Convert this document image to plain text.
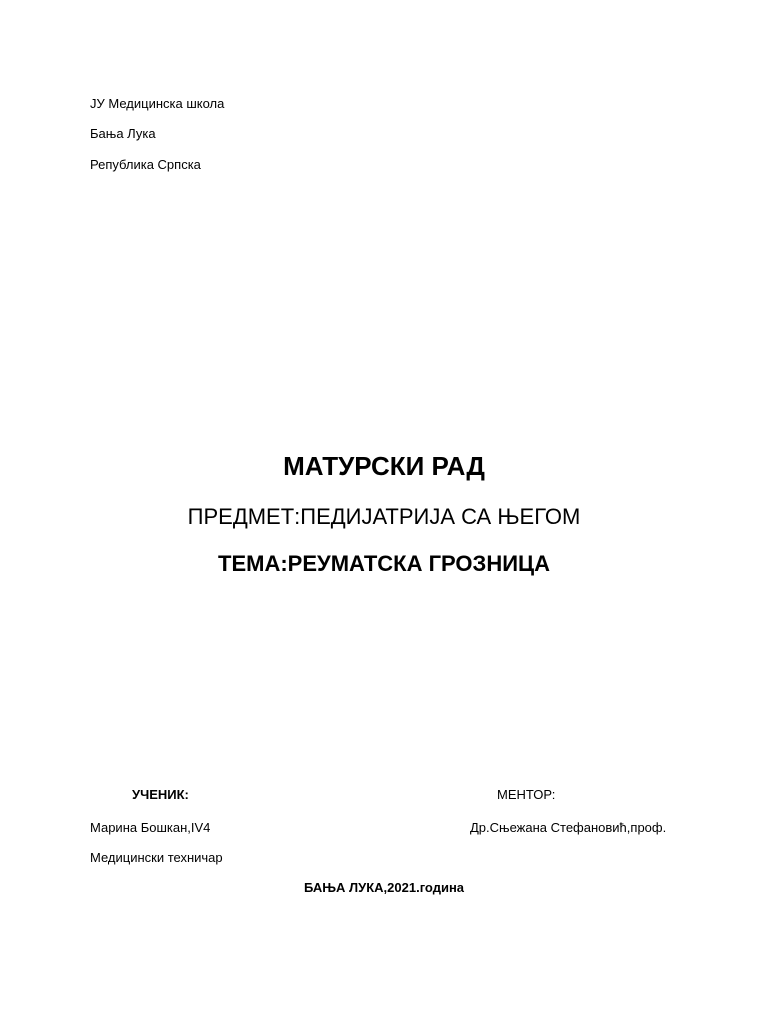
ЈУ Медицинска школа
Бања Лука
Република Српска
МАТУРСКИ РАД
ПРЕДМЕТ:ПЕДИЈАТРИЈА СА ЊЕГОМ
ТЕМА:РЕУМАТСКА ГРОЗНИЦА
УЧЕНИК:	МЕНТОР:
Марина Бошкан,IV4	Др.Сњежана Стефановић,проф.
Медицински техничар
БАЊА ЛУКА,2021.година
